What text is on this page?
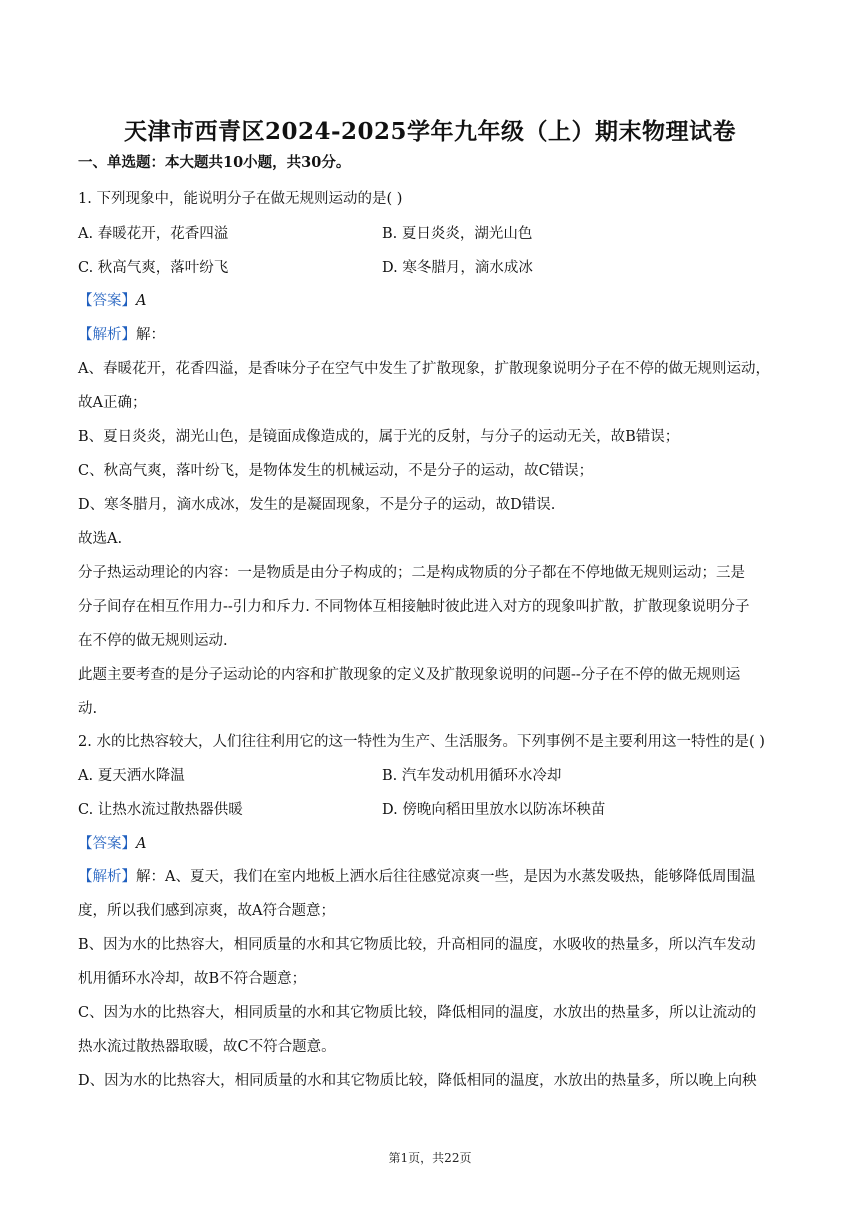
天津市西青区2024-2025学年九年级（上）期末物理试卷
一、单选题：本大题共10小题，共30分。
1. 下列现象中，能说明分子在做无规则运动的是( )
A. 春暖花开，花香四溢	B. 夏日炎炎，湖光山色
C. 秋高气爽，落叶纷飞	D. 寒冬腊月，滴水成冰
【答案】A
【解析】解：
A、春暖花开，花香四溢，是香味分子在空气中发生了扩散现象，扩散现象说明分子在不停的做无规则运动，
故A正确；
B、夏日炎炎，湖光山色，是镜面成像造成的，属于光的反射，与分子的运动无关，故B错误；
C、秋高气爽，落叶纷飞，是物体发生的机械运动，不是分子的运动，故C错误；
D、寒冬腊月，滴水成冰，发生的是凝固现象，不是分子的运动，故D错误.
故选A.
分子热运动理论的内容：一是物质是由分子构成的；二是构成物质的分子都在不停地做无规则运动；三是
分子间存在相互作用力--引力和斥力. 不同物体互相接触时彼此进入对方的现象叫扩散，扩散现象说明分子
在不停的做无规则运动.
此题主要考查的是分子运动论的内容和扩散现象的定义及扩散现象说明的问题--分子在不停的做无规则运
动.
2. 水的比热容较大，人们往往利用它的这一特性为生产、生活服务。下列事例不是主要利用这一特性的是( )
A. 夏天洒水降温	B. 汽车发动机用循环水冷却
C. 让热水流过散热器供暖	D. 傍晚向稻田里放水以防冻坏秧苗
【答案】A
【解析】解：A、夏天，我们在室内地板上洒水后往往感觉凉爽一些，是因为水蒸发吸热，能够降低周围温
度，所以我们感到凉爽，故A符合题意；
B、因为水的比热容大，相同质量的水和其它物质比较，升高相同的温度，水吸收的热量多，所以汽车发动
机用循环水冷却，故B不符合题意；
C、因为水的比热容大，相同质量的水和其它物质比较，降低相同的温度，水放出的热量多，所以让流动的
热水流过散热器取暖，故C不符合题意。
D、因为水的比热容大，相同质量的水和其它物质比较，降低相同的温度，水放出的热量多，所以晚上向秧
第1页，共22页
